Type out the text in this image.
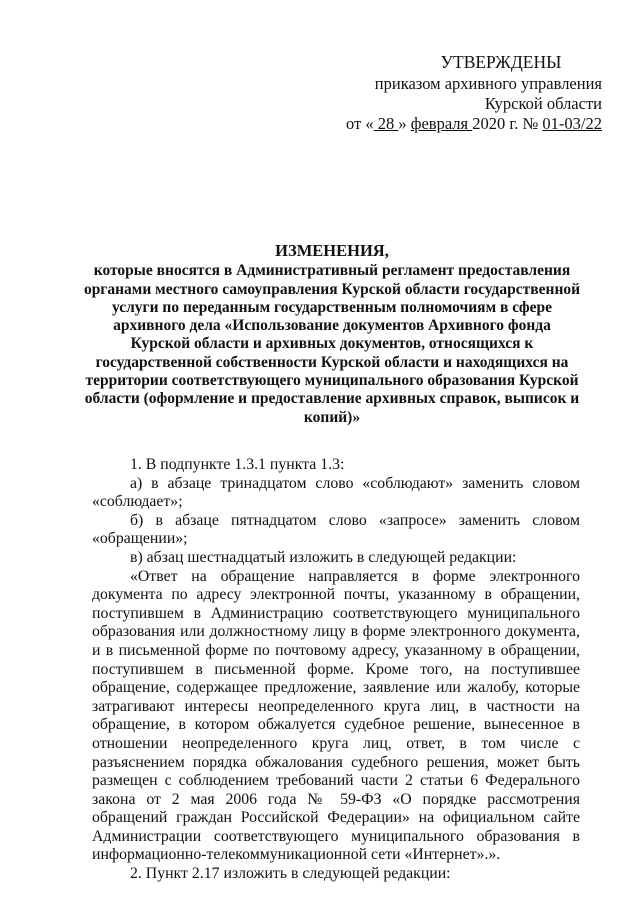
УТВЕРЖДЕНЫ
приказом архивного управления
Курской области
от « 28 » февраля 2020 г. № 01-03/22
ИЗМЕНЕНИЯ,
которые вносятся в Административный регламент предоставления органами местного самоуправления Курской области государственной услуги по переданным государственным полномочиям в сфере архивного дела «Использование документов Архивного фонда Курской области и архивных документов, относящихся к государственной собственности Курской области и находящихся на территории соответствующего муниципального образования Курской области (оформление и предоставление архивных справок, выписок и копий)»

1. В подпункте 1.3.1 пункта 1.3:

а) в абзаце тринадцатом слово «соблюдают» заменить словом «соблюдает»;

б) в абзаце пятнадцатом слово «запросе» заменить словом «обращении»;

в) абзац шестнадцатый изложить в следующей редакции:

«Ответ на обращение направляется в форме электронного документа по адресу электронной почты, указанному в обращении, поступившем в Администрацию соответствующего муниципального образования или должностному лицу в форме электронного документа, и в письменной форме по почтовому адресу, указанному в обращении, поступившем в письменной форме. Кроме того, на поступившее обращение, содержащее предложение, заявление или жалобу, которые затрагивают интересы неопределенного круга лиц, в частности на обращение, в котором обжалуется судебное решение, вынесенное в отношении неопределенного круга лиц, ответ, в том числе с разъяснением порядка обжалования судебного решения, может быть размещен с соблюдением требований части 2 статьи 6 Федерального закона от 2 мая 2006 года № 59-ФЗ «О порядке рассмотрения обращений граждан Российской Федерации» на официальном сайте Администрации соответствующего муниципального образования в информационно-телекоммуникационной сети «Интернет».».

2. Пункт 2.17 изложить в следующей редакции:
